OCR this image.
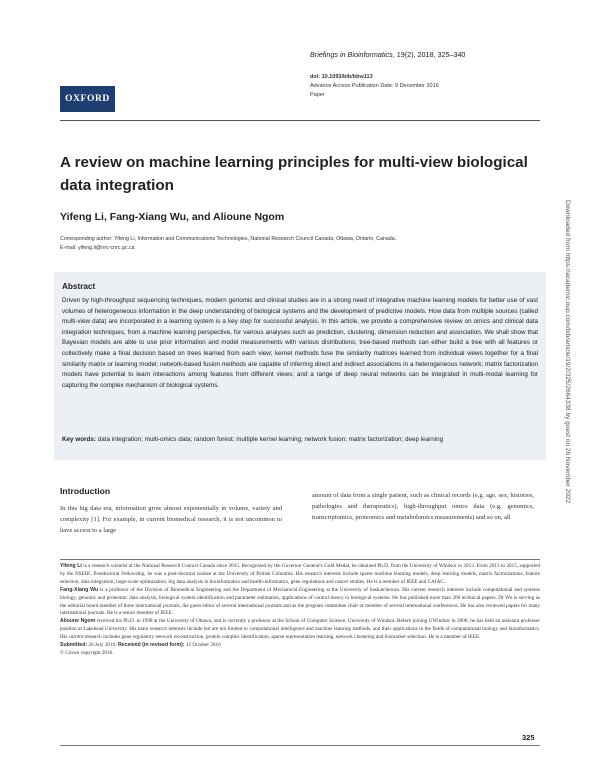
OXFORD
Briefings in Bioinformatics, 19(2), 2018, 325–340
doi: 10.1093/bib/bbw113
Advance Access Publication Date: 9 December 2016
Paper
A review on machine learning principles for multi-view biological data integration
Yifeng Li, Fang-Xiang Wu, and Alioune Ngom
Corresponding author: Yifeng Li, Information and Communications Technologies, National Research Council Canada, Ottawa, Ontario, Canada.
E-mail: yifeng.li@nrc-cnrc.gc.ca
Abstract

Driven by high-throughput sequencing techniques, modern genomic and clinical studies are in a strong need of integrative machine learning models for better use of vast volumes of heterogeneous information in the deep understanding of biological systems and the development of predictive models. How data from multiple sources (called multi-view data) are incorporated in a learning system is a key step for successful analysis. In this article, we provide a comprehensive review on omics and clinical data integration techniques, from a machine learning perspective, for various analyses such as prediction, clustering, dimension reduction and association. We shall show that Bayesian models are able to use prior information and model measurements with various distributions; tree-based methods can either build a tree with all features or collectively make a final decision based on trees learned from each view; kernel methods fuse the similarity matrices learned from individual views together for a final similarity matrix or learning model; network-based fusion methods are capable of inferring direct and indirect associations in a heterogeneous network; matrix factorization models have potential to learn interactions among features from different views; and a range of deep neural networks can be integrated in multi-modal learning for capturing the complex mechanism of biological systems.

Key words: data integration; multi-omics data; random forest; multiple kernel learning; network fusion; matrix factorization; deep learning

Introduction

In this big data era, information grow almost exponentially in volume, variety and complexity [1]. For example, in current biomedical research, it is not uncommon to have access to a large

amount of data from a single patient, such as clinical records (e.g. age, sex, histories, pathologies and therapeutics), high-throughput omics data (e.g. genomics, transcriptomics, proteomics and metabolomics measurements) and so on, all

Yifeng Li is a research scientist at the National Research Council Canada since 2015. Recognized by the Governor General's Gold Medal, he obtained Ph.D. from the University of Windsor in 2013. From 2013 to 2015, supported by the NSERC Postdoctoral Fellowship, he was a post-doctoral trainee at the University of British Columbia. His research interests include sparse machine learning models, deep learning models, matrix factorizations, feature selection, data integration, large-scale optimization, big data analysis in bioinformatics and health-informatics, gene regulations and cancer studies. He is a member of IEEE and CAIAC.

Fang-Xiang Wu is a professor of the Division of Biomedical Engineering and the Department of Mechanical Engineering at the University of Saskatchewan. His current research interests include computational and systems biology, genomic and proteomic data analysis, biological system identification and parameter estimation, applications of control theory to biological systems. He has published more than 260 technical papers. Dr Wu is serving as the editorial board member of three international journals, the guest editor of several international journals and as the program committee chair or member of several international conferences. He has also reviewed papers for many international journals. He is a senior member of IEEE.

Alioune Ngom received his Ph.D. in 1998 at the University of Ottawa, and is currently a professor at the School of Computer Science, University of Windsor. Before joining UWindsor in 2000, he has held an assistant professor position at Lakehead University. His main research interests include but are not limited to computational intelligence and machine learning methods, and their applications in the fields of computational biology and bioinformatics. His current research includes gene regulatory network reconstruction, protein complex identification, sparse representation learning, network clustering and biomarker selection. He is a member of IEEE.

Submitted: 26 July 2016; Received (in revised form): 12 October 2016

© Crown copyright 2016.

325
Downloaded from https://academic.oup.com/bib/article/19/2/325/2664338 by guest on 26 November 2022
